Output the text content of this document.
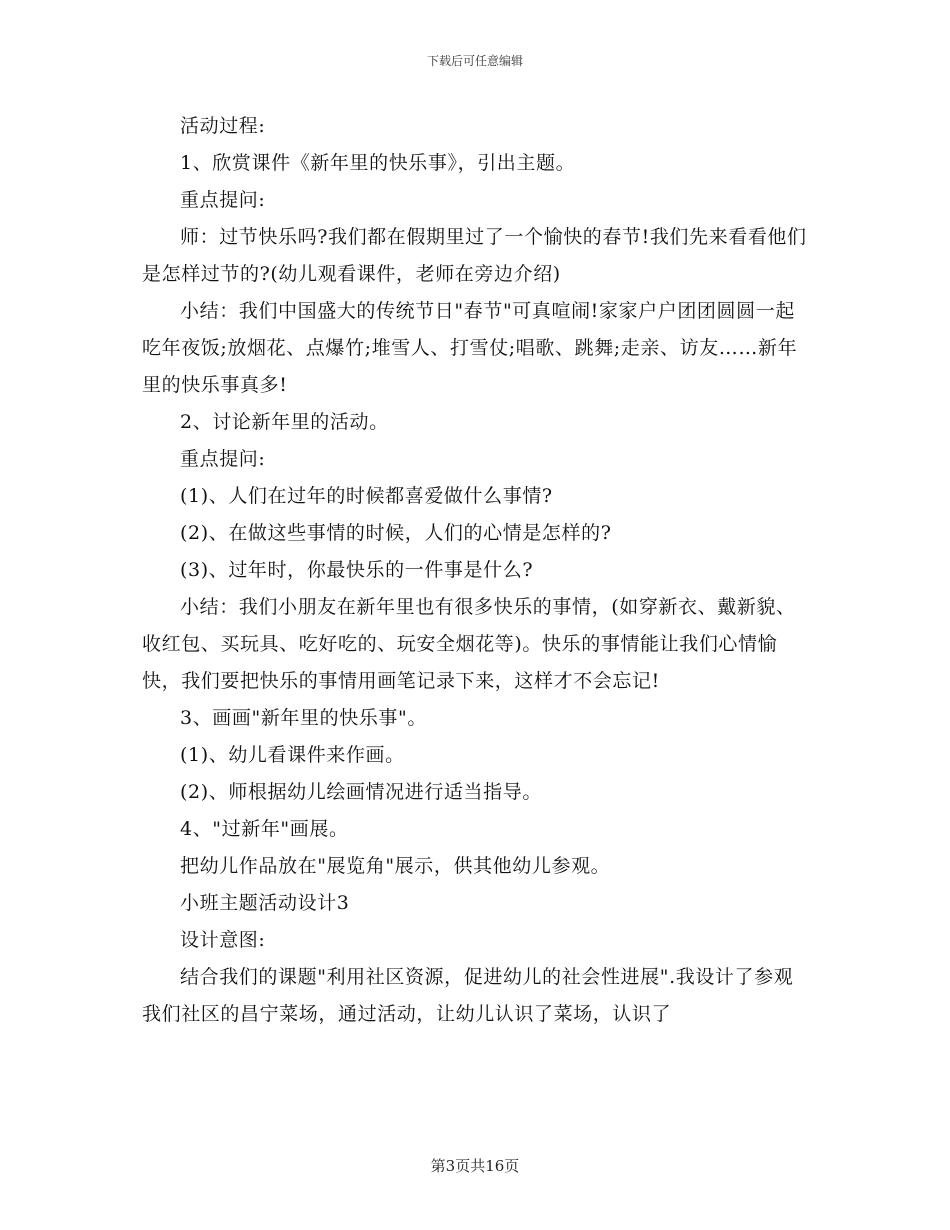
下载后可任意编辑

活动过程:

1、欣赏课件《新年里的快乐事》，引出主题。

重点提问:

师：过节快乐吗?我们都在假期里过了一个愉快的春节!我们先来看看他们是怎样过节的?(幼儿观看课件，老师在旁边介绍)

小结：我们中国盛大的传统节日"春节"可真喧闹!家家户户团团圆圆一起吃年夜饭;放烟花、点爆竹;堆雪人、打雪仗;唱歌、跳舞;走亲、访友……新年里的快乐事真多!

2、讨论新年里的活动。

重点提问:

(1)、人们在过年的时候都喜爱做什么事情?

(2)、在做这些事情的时候，人们的心情是怎样的?

(3)、过年时，你最快乐的一件事是什么?

小结：我们小朋友在新年里也有很多快乐的事情，(如穿新衣、戴新貌、收红包、买玩具、吃好吃的、玩安全烟花等)。快乐的事情能让我们心情愉快，我们要把快乐的事情用画笔记录下来，这样才不会忘记!

3、画画"新年里的快乐事"。

(1)、幼儿看课件来作画。

(2)、师根据幼儿绘画情况进行适当指导。

4、"过新年"画展。

把幼儿作品放在"展览角"展示，供其他幼儿参观。

小班主题活动设计3

设计意图:

结合我们的课题"利用社区资源，促进幼儿的社会性进展".我设计了参观我们社区的昌宁菜场，通过活动，让幼儿认识了菜场，认识了

第3页共16页
